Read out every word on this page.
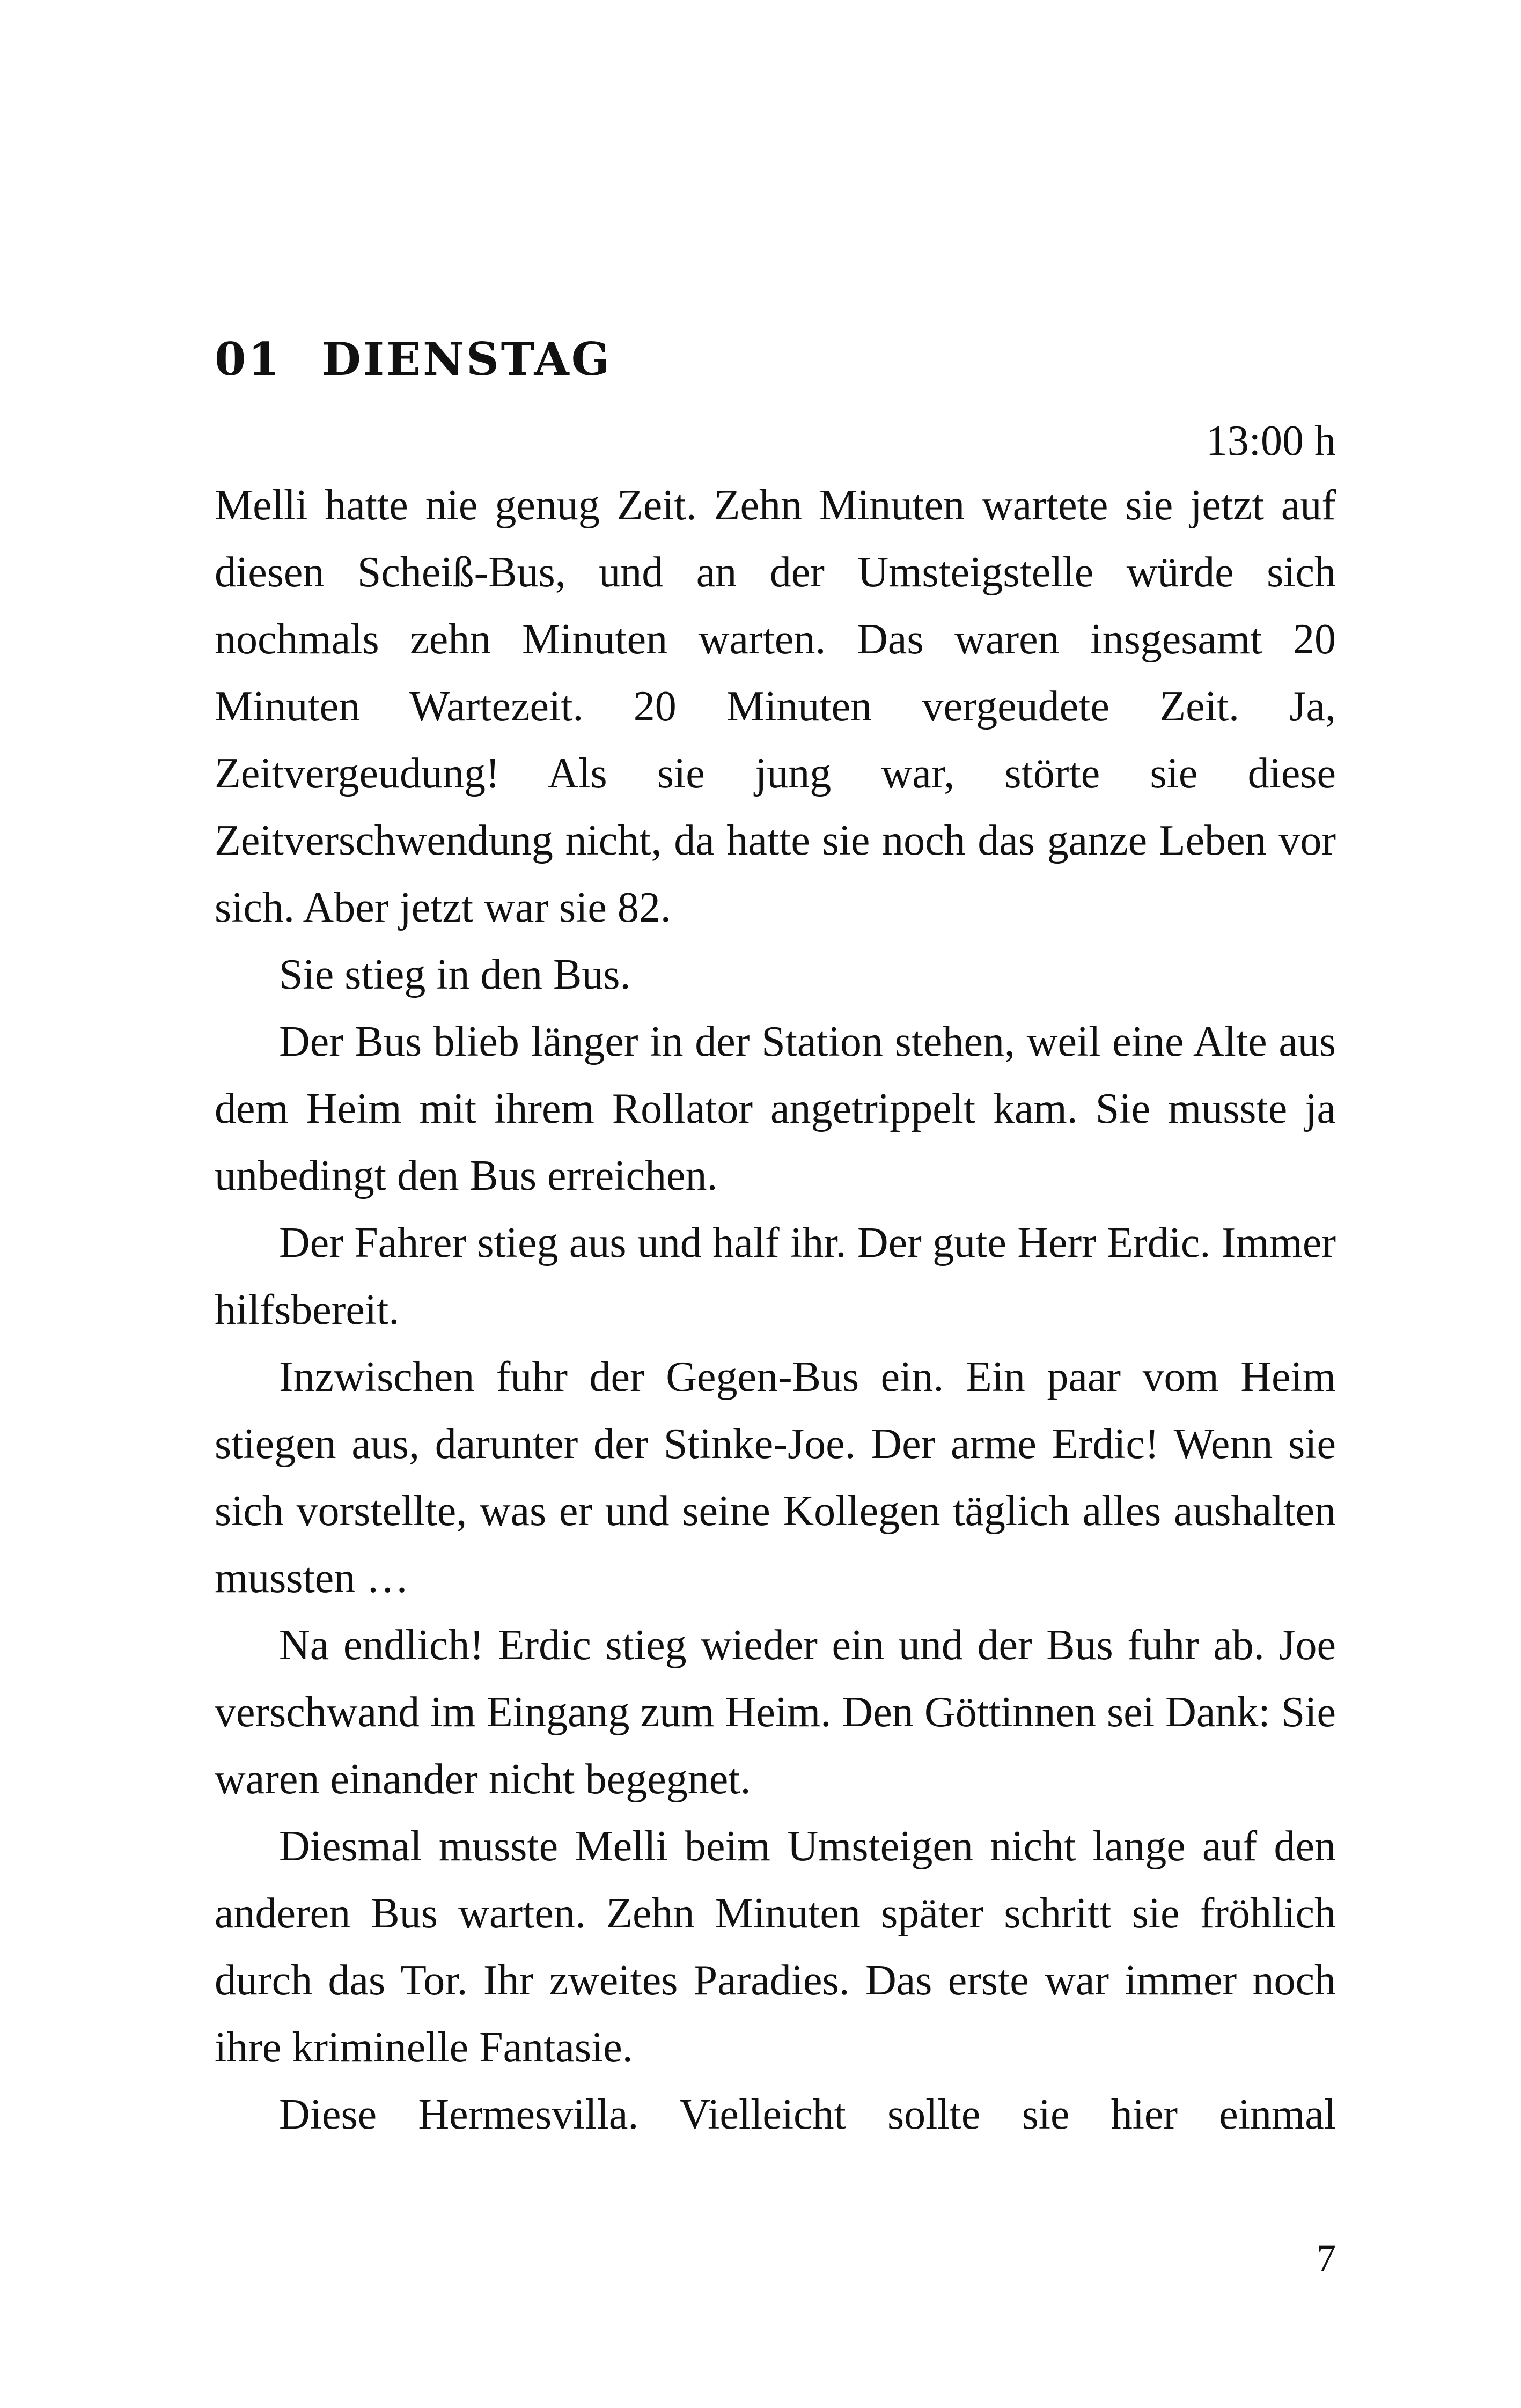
01 DIENSTAG
13:00 h

Melli hatte nie genug Zeit. Zehn Minuten wartete sie jetzt auf diesen Scheiß-Bus, und an der Umsteigstelle würde sich nochmals zehn Minuten warten. Das waren insgesamt 20 Minuten Wartezeit. 20 Minuten vergeudete Zeit. Ja, Zeitvergeudung! Als sie jung war, störte sie diese Zeitverschwendung nicht, da hatte sie noch das ganze Leben vor sich. Aber jetzt war sie 82.

Sie stieg in den Bus.

Der Bus blieb länger in der Station stehen, weil eine Alte aus dem Heim mit ihrem Rollator angetrippelt kam. Sie musste ja unbedingt den Bus erreichen.

Der Fahrer stieg aus und half ihr. Der gute Herr Erdic. Immer hilfsbereit.

Inzwischen fuhr der Gegen-Bus ein. Ein paar vom Heim stiegen aus, darunter der Stinke-Joe. Der arme Erdic! Wenn sie sich vorstellte, was er und seine Kollegen täglich alles aushalten mussten …

Na endlich! Erdic stieg wieder ein und der Bus fuhr ab. Joe verschwand im Eingang zum Heim. Den Göttinnen sei Dank: Sie waren einander nicht begegnet.

Diesmal musste Melli beim Umsteigen nicht lange auf den anderen Bus warten. Zehn Minuten später schritt sie fröhlich durch das Tor. Ihr zweites Paradies. Das erste war immer noch ihre kriminelle Fantasie.

Diese Hermesvilla. Vielleicht sollte sie hier einmal

7
